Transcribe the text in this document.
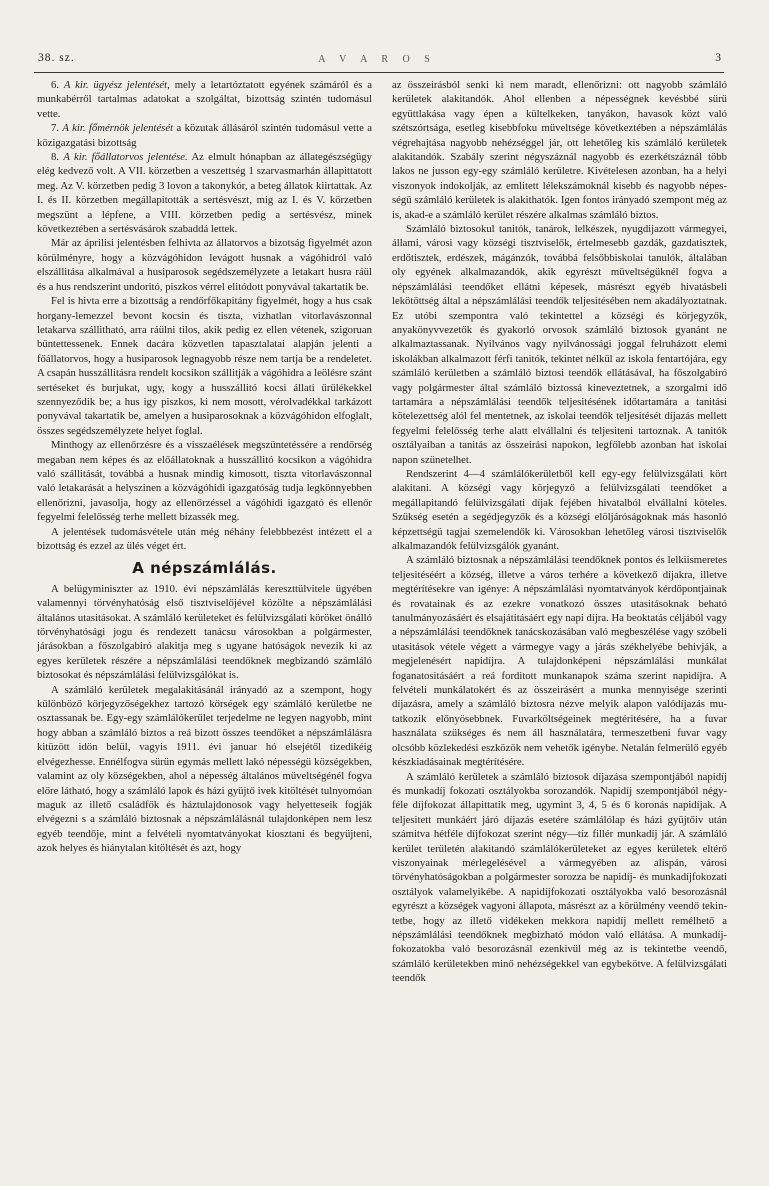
38. sz.	A V A R O S	3

6. A kir. ügyész jelentését, mely a letartóztatott egyének számáról és a munkabérről tartalmas adatokat a szolgáltat, bizottság szintén tudomásul vette.

7. A kir. főmérnök jelentését a közutak állásáról szintén tudomásul vette a közigazgatási bizottság

8. A kir. főállatorvos jelentése. Az elmult hónapban az állategészségügy elég kedvező volt. A VII. körzetben a veszettség 1 szarvasmarhán állapittatott meg. Az V. körzetben pedig 3 lovon a takonykór, a beteg állatok kiirtattak. Az I. és II. körzetben megállapitották a sertésvészt, mig az I. és V. körzetben megszünt a lépfene, a VIII. körzetben pedig a sertésvész, minek következtében a sertésvásárok szabaddá lettek.

Már az áprilisi jelentésben felhivta az állatorvos a bizotság figyelmét azon körülményre, hogy a közvágóhidon levágott husnak a vágóhidról való elszállitása alkalmával a husiparosok segédszemélyzete a letakart husra ráül és a hus rendszerint undoritó, piszkos vérrel elitódott ponyvával takartatik be.

Fel is hivta erre a bizottság a rendőrfőkapitány figyelmét, hogy a hus csak horgany-lemezzel bevont kocsin és tiszta, vizhatlan vitorlavászonnal letakarva szállitható, arra ráülni tilos, akik pedig ez ellen vétenek, szigoruan büntettessenek. Ennek dacára közvetlen tapasztalatai alapján jelenti a főállatorvos, hogy a husiparosok legnagyobb része nem tartja be a rendeletet. A csapán husszállitásra rendelt kocsikon szállitják a vágóhidra a leölésre szánt sertéseket és burjukat, ugy, kogy a husszállitó kocsi állati ürülékekkel szennyeződik be; a hus igy piszkos, ki nem mosott, vérolvadékkal tarkázott ponyvával takartatik be, amelyen a husiparosoknak a közvágóhidon elfoglalt, összes segédszemélyzete helyet foglal.

Minthogy az ellenőrzésre és a visszaélések megszüntetéssére a rendőrség megaban nem képes és az előállatoknak a husszállitó kocsikon a vágóhidra való szállitását, továbbá a husnak mindig kimosott, tiszta vitorlavászonnal való letakarását a helyszinen a közvágóhidi igazgatóság tudja legkönnyebben ellenőrizni, javasolja, hogy az ellenőrzéssel a vágóhidi igazgató és ellenőr fegyelmi felelősség terhe mellett bizassék meg.

A jelentések tudomásvétele után még néhány felebbbezést intézett el a bizottság és ezzel az ülés véget ért.

A népszámlálás.

A belügyminiszter az 1910. évi népszámlálás kereszttülvitele ügyében valamennyi törvényhatóság első tisztviselőjével közölte a népszámlálási általános utasitásokat. A számláló kerületeket és felülvizsgálati köröket önálló törvényhatósági jogu és rendezett tanácsu városokban a polgármester, járásokban a főszolgabiró alakitja meg s ugyane hatóságok nevezik ki az egyes kerületek részére a népszámlálási teendőknek megbizandó számláló biztosokat és népszámlálási felülvizsgálókat is.

A számláló kerületek megalakitásánál irányadó az a szempont, hogy különböző körjegyzőségekhez tartozó körségek egy számláló kerületbe ne osztassanak be. Egy-egy számlálókerület terjedelme ne legyen nagyobb, mint hogy abban a számláló biztos a reá bizott összes teendőket a népszámlálásra kitüzött idön belül, vagyis 1911. évi januar hó elsejétől tizedikéig elvégezhesse. Ennélfogva sürün egymás mellett lakó népességü községekben, valamint az oly községekben, ahol a népesség általános müveltségénél fogva előre látható, hogy a számláló lapok és házi gyüjtő ivek kitöltését tulnyomóan maguk az illető családfők és háztulajdonosok vagy helyetteseik fogják elvégezni s a számláló biztosnak a népszámlálásnál tulajdonképen nem lesz egyéb teendője, mint a felvételi nyomtatványokat kiosztani és begyüjteni, azok helyes és hiánytalan kitöltését és azt, hogy

az összeirásból senki ki nem maradt, ellenőrizni: ott nagyobb számláló kerületek alakitandók. Ahol ellenben a népességnek kevésbbé sürü együttlakása vagy épen a kültelkeken, tanyákon, havasok közt való szétszórtsága, esetleg kisebbfoku müveltsége következtében a népszámlálás végrehajtása nagyobb nehézséggel jár, ott lehetőleg kis számláló kerületek alakitandók. Szabály szerint négyszáznál nagyobb és ezerkétszáznál több lakos ne jusson egy-egy számláló kerületre. Kivételesen azonban, ha a helyi viszonyok indokolják, az emlitett lélekszámoknál kisebb és nagyobb népességü számláló kerületek is alakithatók. Igen fontos irányadó szempont még az is, akad-e a számláló kerület részére alkalmas számláló biztos.

Számláló biztosokul tanitók, tanárok, lelkészek, nyugdijazott vármegyei, állami, városi vagy községi tisztviselők, értelmesebb gazdák, gazdatisztek, erdőtisztek, erdészek, mágánzók, továbbá felsőbbiskolai tanulók, általában oly egyének alkalmazandók, akik egyrészt müveltségüknél fogva a népszámlálási teendőket ellátni képesek, másrészt egyéb hivatásbeli lekötöttség által a népszámlálási teendők teljesitésében nem akadályoztatnak. Ez utóbi szempontra való tekintettel a községi és körjegyzők, anyakönyvvezetők és gyakorló orvosok számláló biztosok gyanánt ne alkalmaztassanak. Nyilvános vagy nyilvánossági joggal felruházott elemi iskolákban alkalmazott férfi tanitók, tekintet nélkül az iskola fentartójára, egy számláló kerületben a számláló biztosi teendők ellátásával, ha főszolgabiró vagy polgármester által számláló biztossá kineveztetnek, a szorgalmi idő tartamára a népszámlálási teendők teljesitésének időtartamára a tanitási kötelezettség alól fel mentetnek, az iskolai teendők teljesitését díjazás mellett fegyelmi felelősség terhe alatt elvállalni és teljesiteni tartoznak. A tanitók osztályaiban a tanitás az összeirási napokon, legfőlebb azonban hat iskolai napon szünetelhet.

Rendszerint 4—4 számlálókerületből kell egy-egy felülvizsgálati kört alakitani. A községi vagy körjegyző a felülvizsgálati teendőket a megállapitandó felülvizsgálati díjak fejében hivatalból elvállalni köteles. Szükség esetén a segédjegyzők és a községi elöljáróságoknak más hasonló képzettségü tagjai szemelendők ki. Városokban lehetőleg városi tisztviselők alkalmazandók felülvizsgálók gyanánt.

A számláló biztosnak a népszámlálási teendőknek pontos és lelkiismeretes teljesitéséért a község, illetve a város terhére a következő díjakra, illetve megtérítésekre van igénye: A népszámlálási nyomtatványok kérdőpontjainak és rovatainak és az ezekre vonatkozó összes utasitásoknak beható tanulmányozásáért és elsajátitásáért egy napi díjra. Ha beoktatás céljából vagy a népszámlálási teendőknek tanácskozásában való megbeszélése vagy szóbeli utasitások vétele végett a vármegye vagy a járás székhelyébe behivják, a megjelenésért napidíjra. A tulajdonképeni népszámlálási munkálat foganatositásáért a reá forditott munkanapok száma szerint napidíjra. A felvételi munkálatokért és az összeirásért a munka mennyisége szerinti díjazásra, amely a számláló biztosra nézve melyik alapon valódíjazás mutatkozik előnyösebbnek. Fuvarköltségeinek megtéritésére, ha a fuvar használata szükséges és nem áll használatára, termeszetbeni fuvar vagy olcsóbb közlekedési eszközök nem vehetők igénybe. Netalán felmerülő egyéb készkiadásainak megtérítésére.

A számláló kerületek a számláló biztosok díjazása szempontjából napidíj és munkadíj fokozati osztályokba sorozandók. Napidíj szempontjából négyféle díjfokozat állapittatik meg, ugymint 3, 4, 5 és 6 koronás napidíjak. A teljesitett munkáért járó díjazás esetére számlálólap és házi gyüjtőiv után számitva hétféle díjfokozat szerint négy—tíz fillér munkadíj jár. A számláló kerület területén alakitandó számlálókerületeket az egyes kerületek eltérő viszonyainak mérlegelésével a vármegyében az alispán, városi törvényhatóságokban a polgármester sorozza be napidíj- és munkadíjfokozati osztályok valamelyikébe. A napidíjfokozati osztályokba való besorozásnál egyrészt a községek vagyoni állapota, másrészt az a körülmény veendő tekintetbe, hogy az illető vidékeken mekkora napidíj mellett remélhető a népszámlálási teendőknek megbizható módon való ellátása. A munkadíj-fokozatokba való besorozásnál ezenkivül még az is tekintetbe veendő, számláló kerületekben minő nehézségekkel van egybekötve. A felülvizsgálati teendők
